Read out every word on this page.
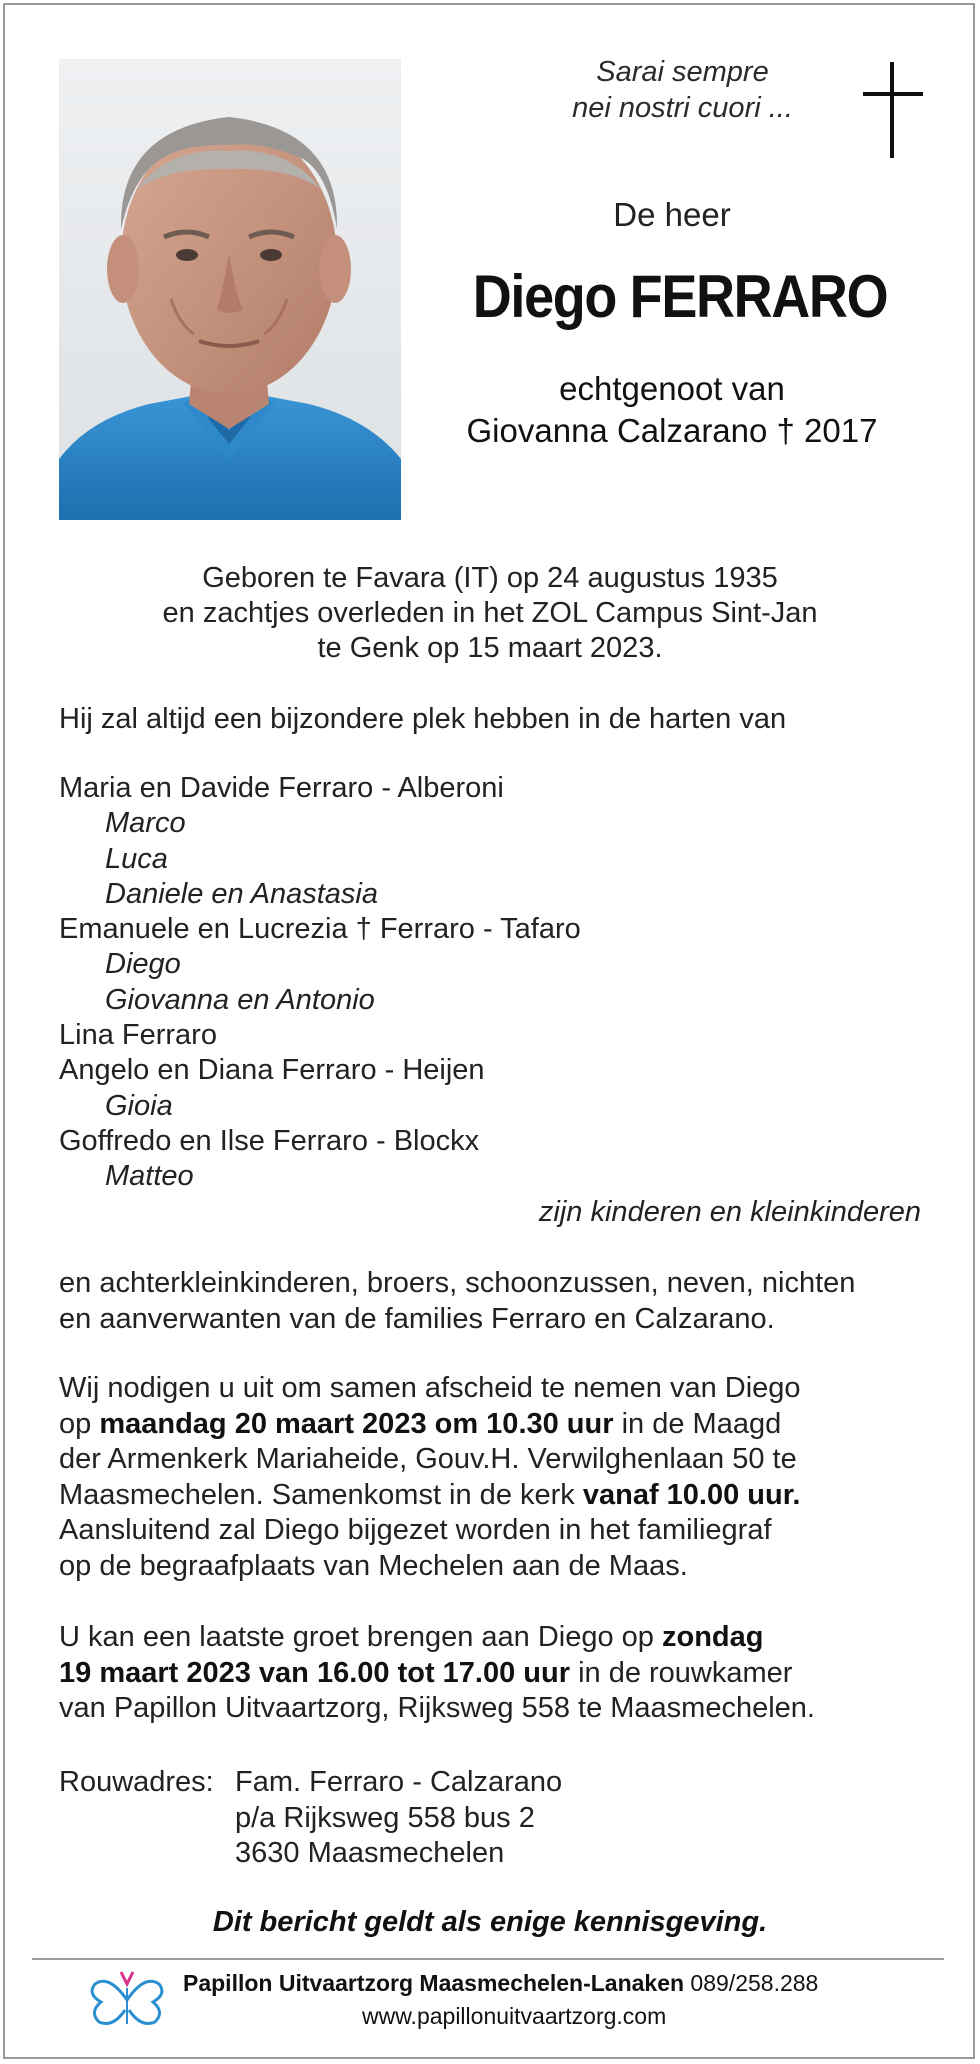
Sarai sempre
nei nostri cuori ...
De heer
Diego FERRARO
echtgenoot van
Giovanna Calzarano † 2017
Geboren te Favara (IT) op 24 augustus 1935
en zachtjes overleden in het ZOL Campus Sint-Jan
te Genk op 15 maart 2023.
Hij zal altijd een bijzondere plek hebben in de harten van
Maria en Davide Ferraro - Alberoni
Marco
Luca
Daniele en Anastasia
Emanuele en Lucrezia † Ferraro - Tafaro
Diego
Giovanna en Antonio
Lina Ferraro
Angelo en Diana Ferraro - Heijen
Gioia
Goffredo en Ilse Ferraro - Blockx
Matteo
zijn kinderen en kleinkinderen
en achterkleinkinderen, broers, schoonzussen, neven, nichten
en aanverwanten van de families Ferraro en Calzarano.
Wij nodigen u uit om samen afscheid te nemen van Diego
op maandag 20 maart 2023 om 10.30 uur in de Maagd
der Armenkerk Mariaheide, Gouv.H. Verwilghenlaan 50 te
Maasmechelen. Samenkomst in de kerk vanaf 10.00 uur.
Aansluitend zal Diego bijgezet worden in het familiegraf
op de begraafplaats van Mechelen aan de Maas.
U kan een laatste groet brengen aan Diego op zondag
19 maart 2023 van 16.00 tot 17.00 uur in de rouwkamer
van Papillon Uitvaartzorg, Rijksweg 558 te Maasmechelen.
Rouwadres: Fam. Ferraro - Calzarano
p/a Rijksweg 558 bus 2
3630 Maasmechelen
Dit bericht geldt als enige kennisgeving.
Papillon Uitvaartzorg Maasmechelen-Lanaken 089/258.288
www.papillonuitvaartzorg.com
